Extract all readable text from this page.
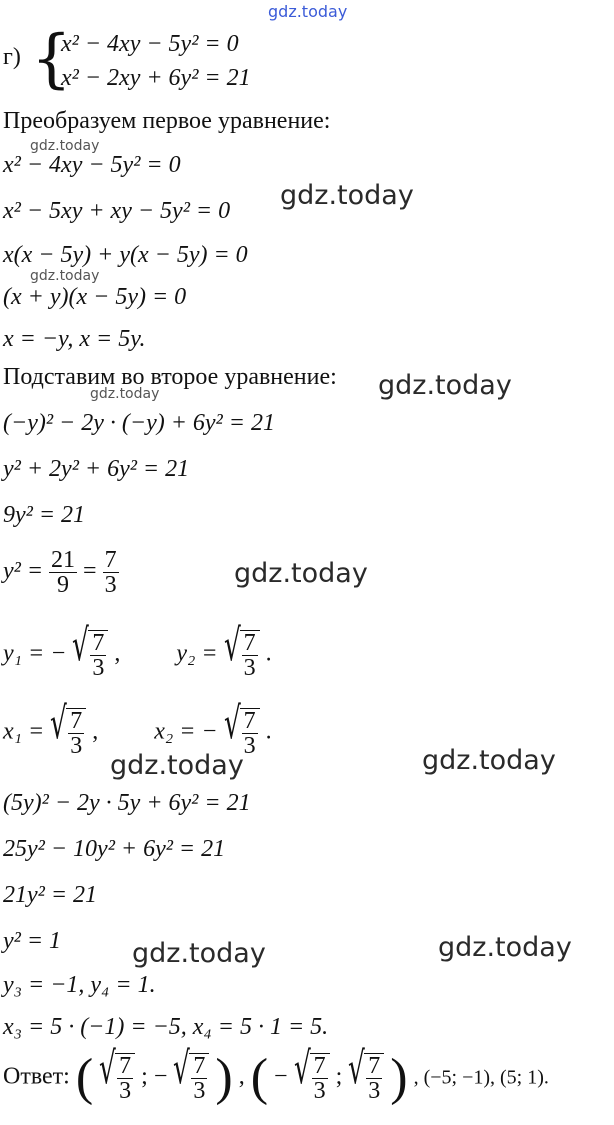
gdz.today
г) {
x² − 4xy − 5y² = 0
x² − 2xy + 6y² = 21
Преобразуем первое уравнение:
gdz.today
x² − 4xy − 5y² = 0
x² − 5xy + xy − 5y² = 0 gdz.today
x(x − 5y) + y(x − 5y) = 0
gdz.today
(x + y)(x − 5y) = 0
x = −y, x = 5y.
Подставим во второе уравнение: gdz.today
gdz.today
(−y)² − 2y · (−y) + 6y² = 21
y² + 2y² + 6y² = 21
9y² = 21
$y^2 = \frac{21}{9} = \frac{7}{3}$	gdz.today
y₁ = − √ $\frac{7}{3}$ , y₂ = √ $\frac{7}{3}$ .
x₁ = √ $\frac{7}{3}$ , x₂ = − √ $\frac{7}{3}$ .
gdz.today	gdz.today
(5y)² − 2y · 5y + 6y² = 21
25y² − 10y² + 6y² = 21
21y² = 21
y² = 1	gdz.today	gdz.today
y₃ = −1, y₄ = 1.
x₃ = 5 · (−1) = −5, x₄ = 5 · 1 = 5.
Ответ: ( √ $\frac{7}{3}$ ; − √ $\frac{7}{3}$ ) , ( − √ $\frac{7}{3}$ ; √ $\frac{7}{3}$ ) , (−5; −1), (5; 1).
